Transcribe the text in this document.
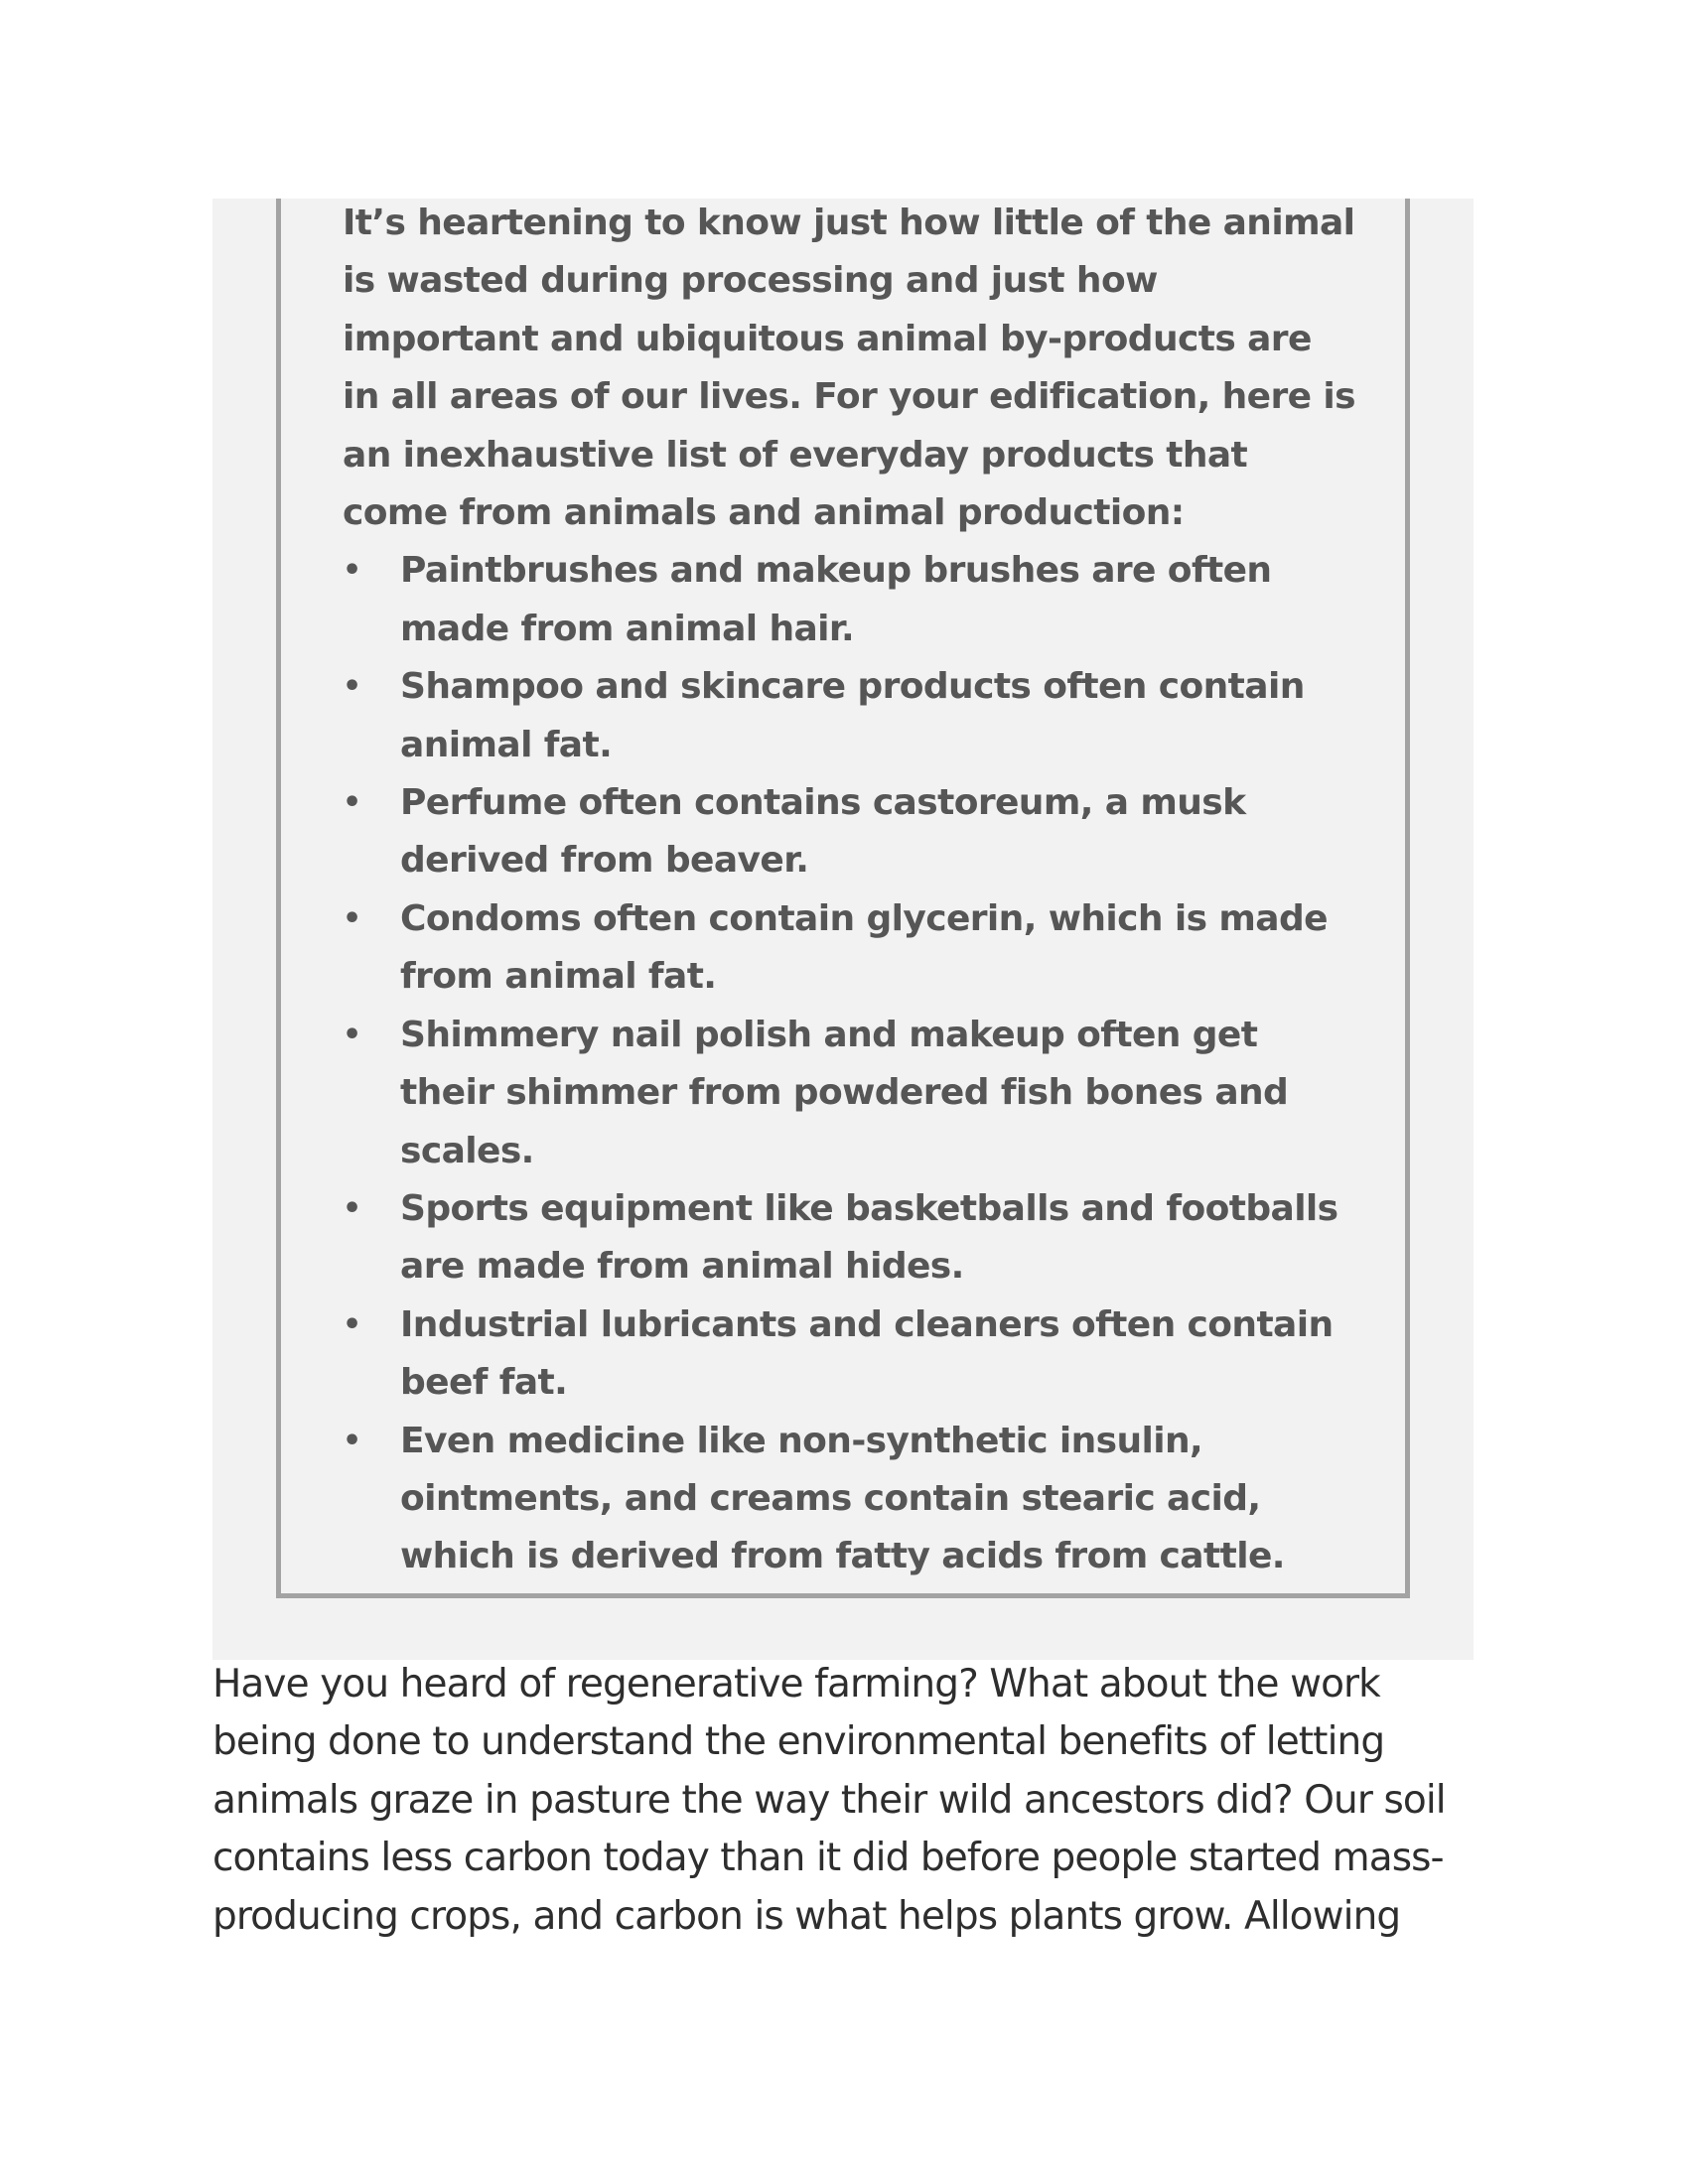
It’s heartening to know just how little of the animal is wasted during processing and just how important and ubiquitous animal by-products are in all areas of our lives. For your edification, here is an inexhaustive list of everyday products that come from animals and animal production:

• Paintbrushes and makeup brushes are often made from animal hair.
• Shampoo and skincare products often contain animal fat.
• Perfume often contains castoreum, a musk derived from beaver.
• Condoms often contain glycerin, which is made from animal fat.
• Shimmery nail polish and makeup often get their shimmer from powdered fish bones and scales.
• Sports equipment like basketballs and footballs are made from animal hides.
• Industrial lubricants and cleaners often contain beef fat.
• Even medicine like non-synthetic insulin, ointments, and creams contain stearic acid, which is derived from fatty acids from cattle.

Have you heard of regenerative farming? What about the work being done to understand the environmental benefits of letting animals graze in pasture the way their wild ancestors did? Our soil contains less carbon today than it did before people started mass-producing crops, and carbon is what helps plants grow. Allowing
